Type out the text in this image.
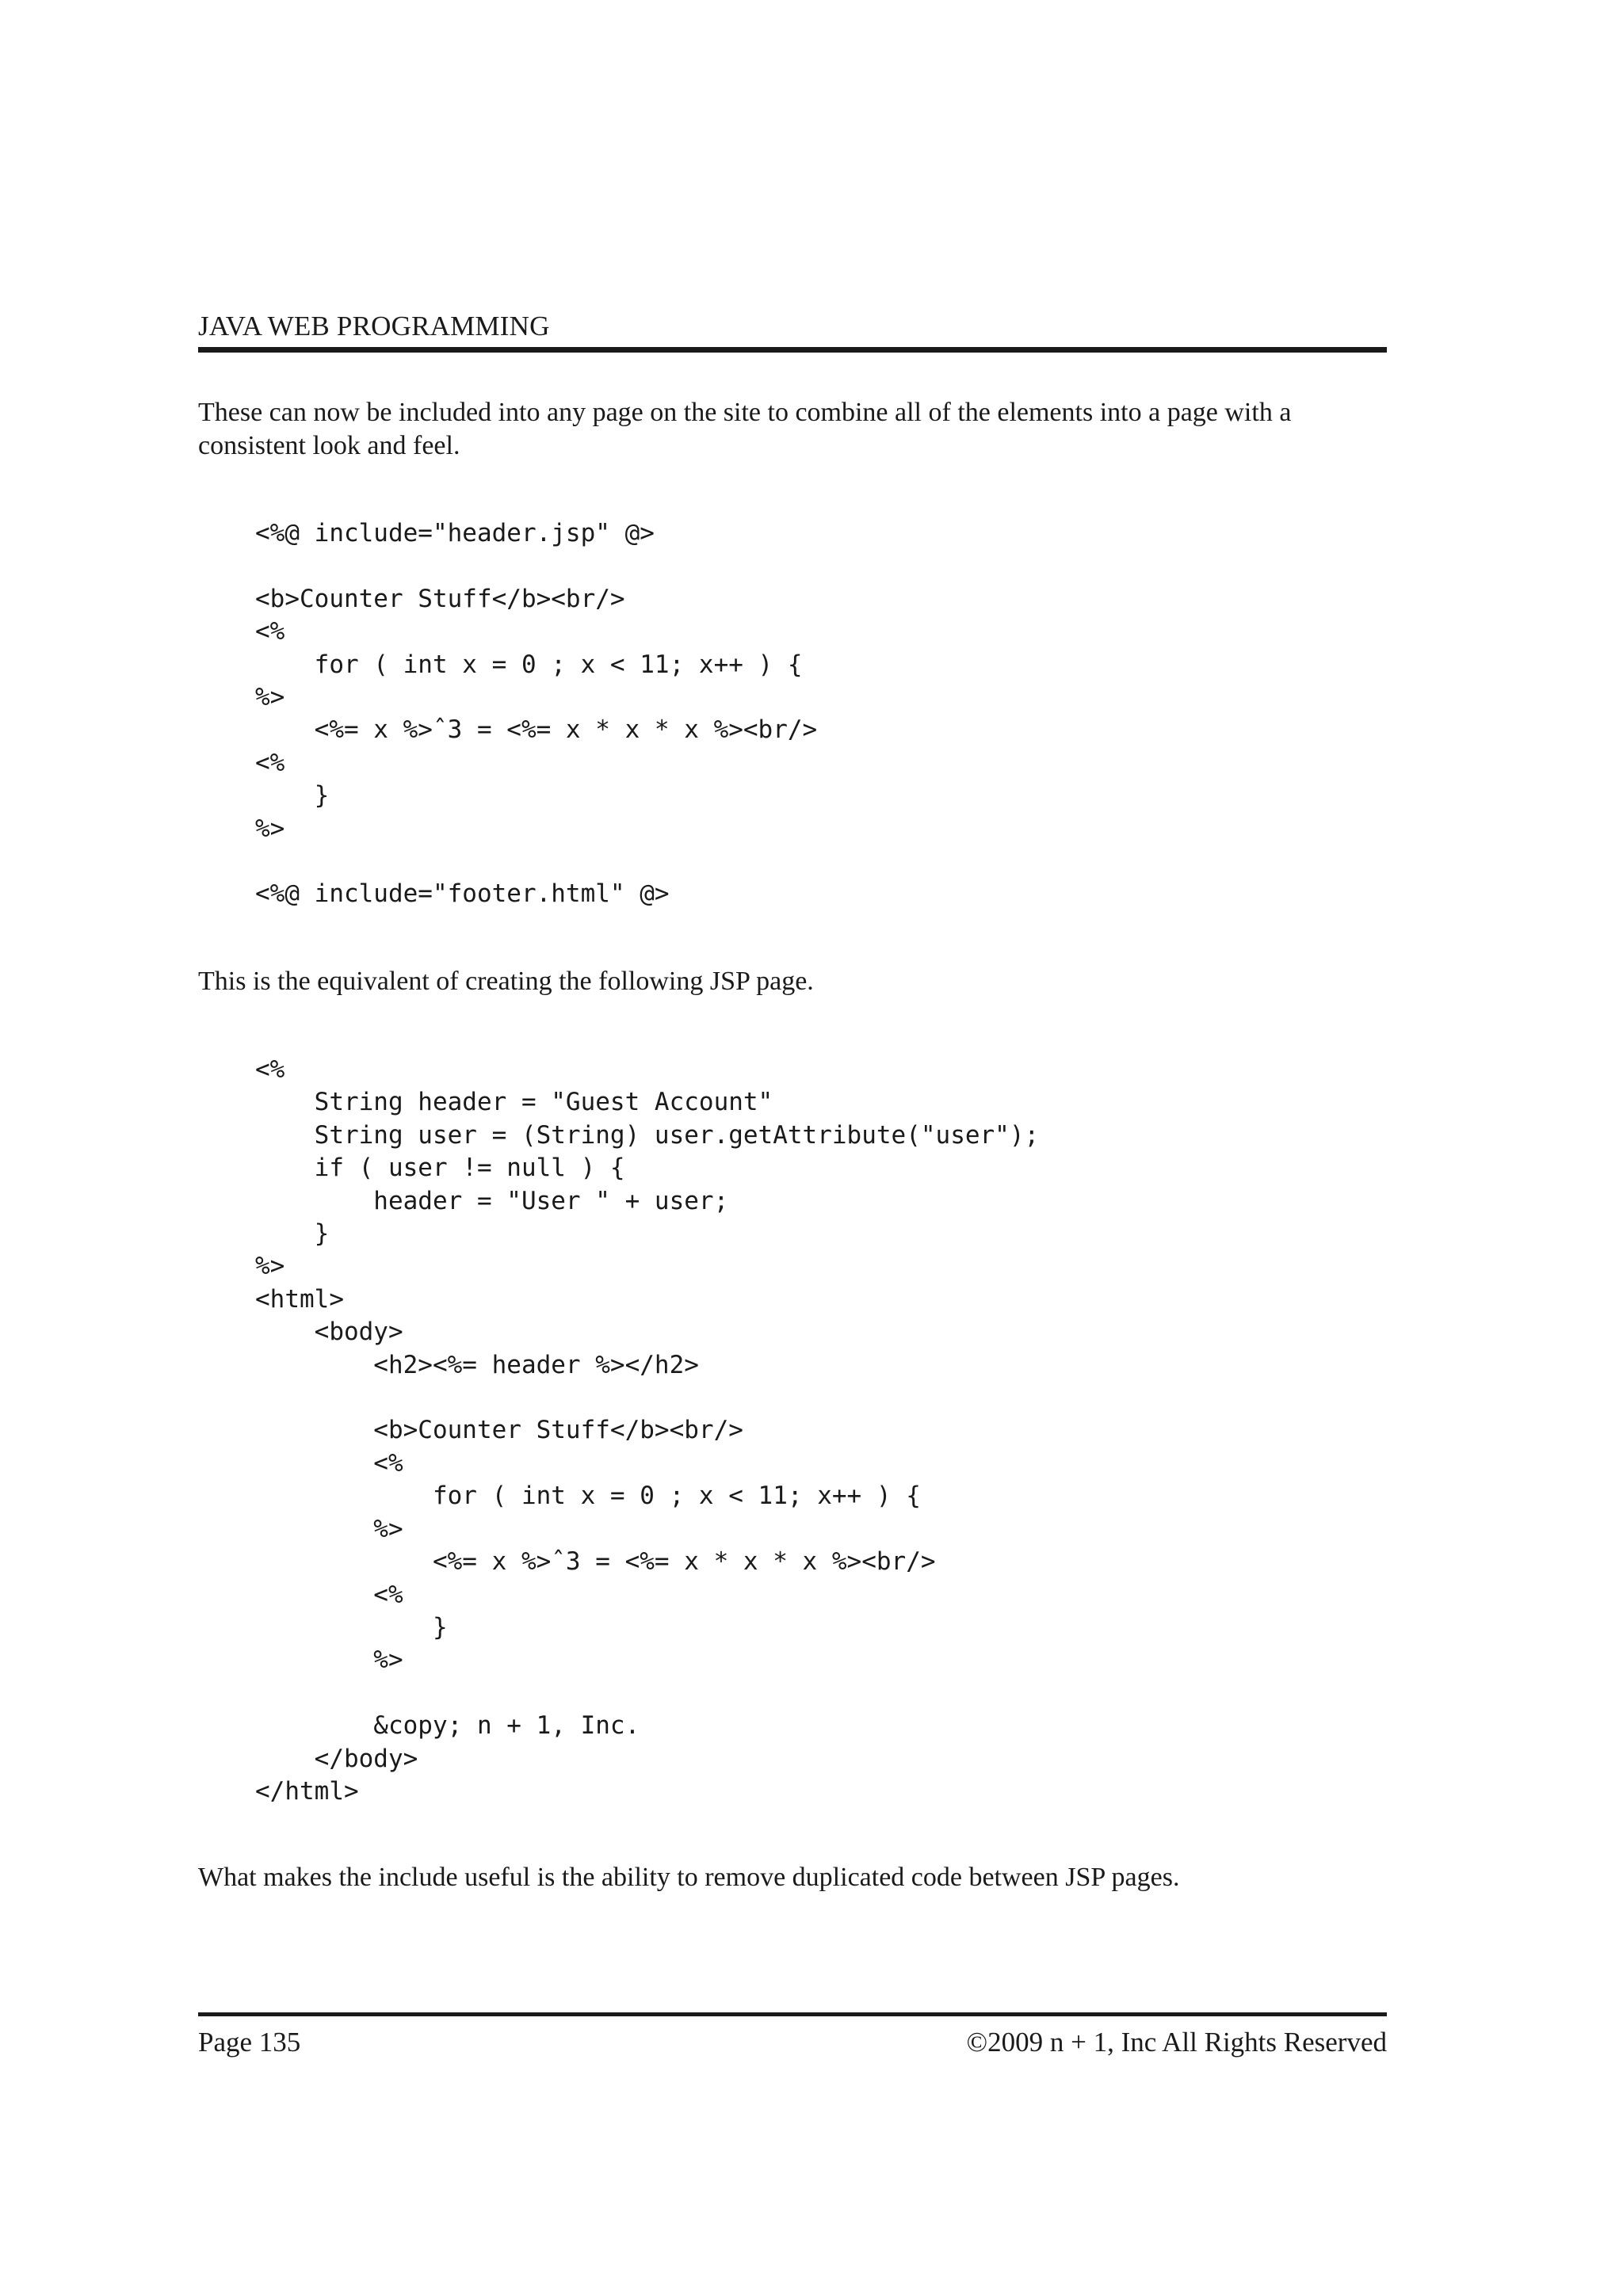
JAVA WEB PROGRAMMING

These can now be included into any page on the site to combine all of the elements into a page with a consistent look and feel.

<%@ include="header.jsp" @>

<b>Counter Stuff</b><br/>
<%
for ( int x = 0 ; x < 11; x++ ) {
%>
<%= x %>ˆ3 = <%= x * x * x %><br/>
<%
}
%>

<%@ include="footer.html" @>

This is the equivalent of creating the following JSP page.

<%
String header = "Guest Account"
String user = (String) user.getAttribute("user");
if ( user != null ) {
header = "User " + user;
}
%>
<html>
<body>
<h2><%= header %></h2>

<b>Counter Stuff</b><br/>
<%
for ( int x = 0 ; x < 11; x++ ) {
%>
<%= x %>ˆ3 = <%= x * x * x %><br/>
<%
}
%>

&copy; n + 1, Inc.
</body>
</html>

What makes the include useful is the ability to remove duplicated code between JSP pages.

Page 135	©2009 n + 1, Inc All Rights Reserved
